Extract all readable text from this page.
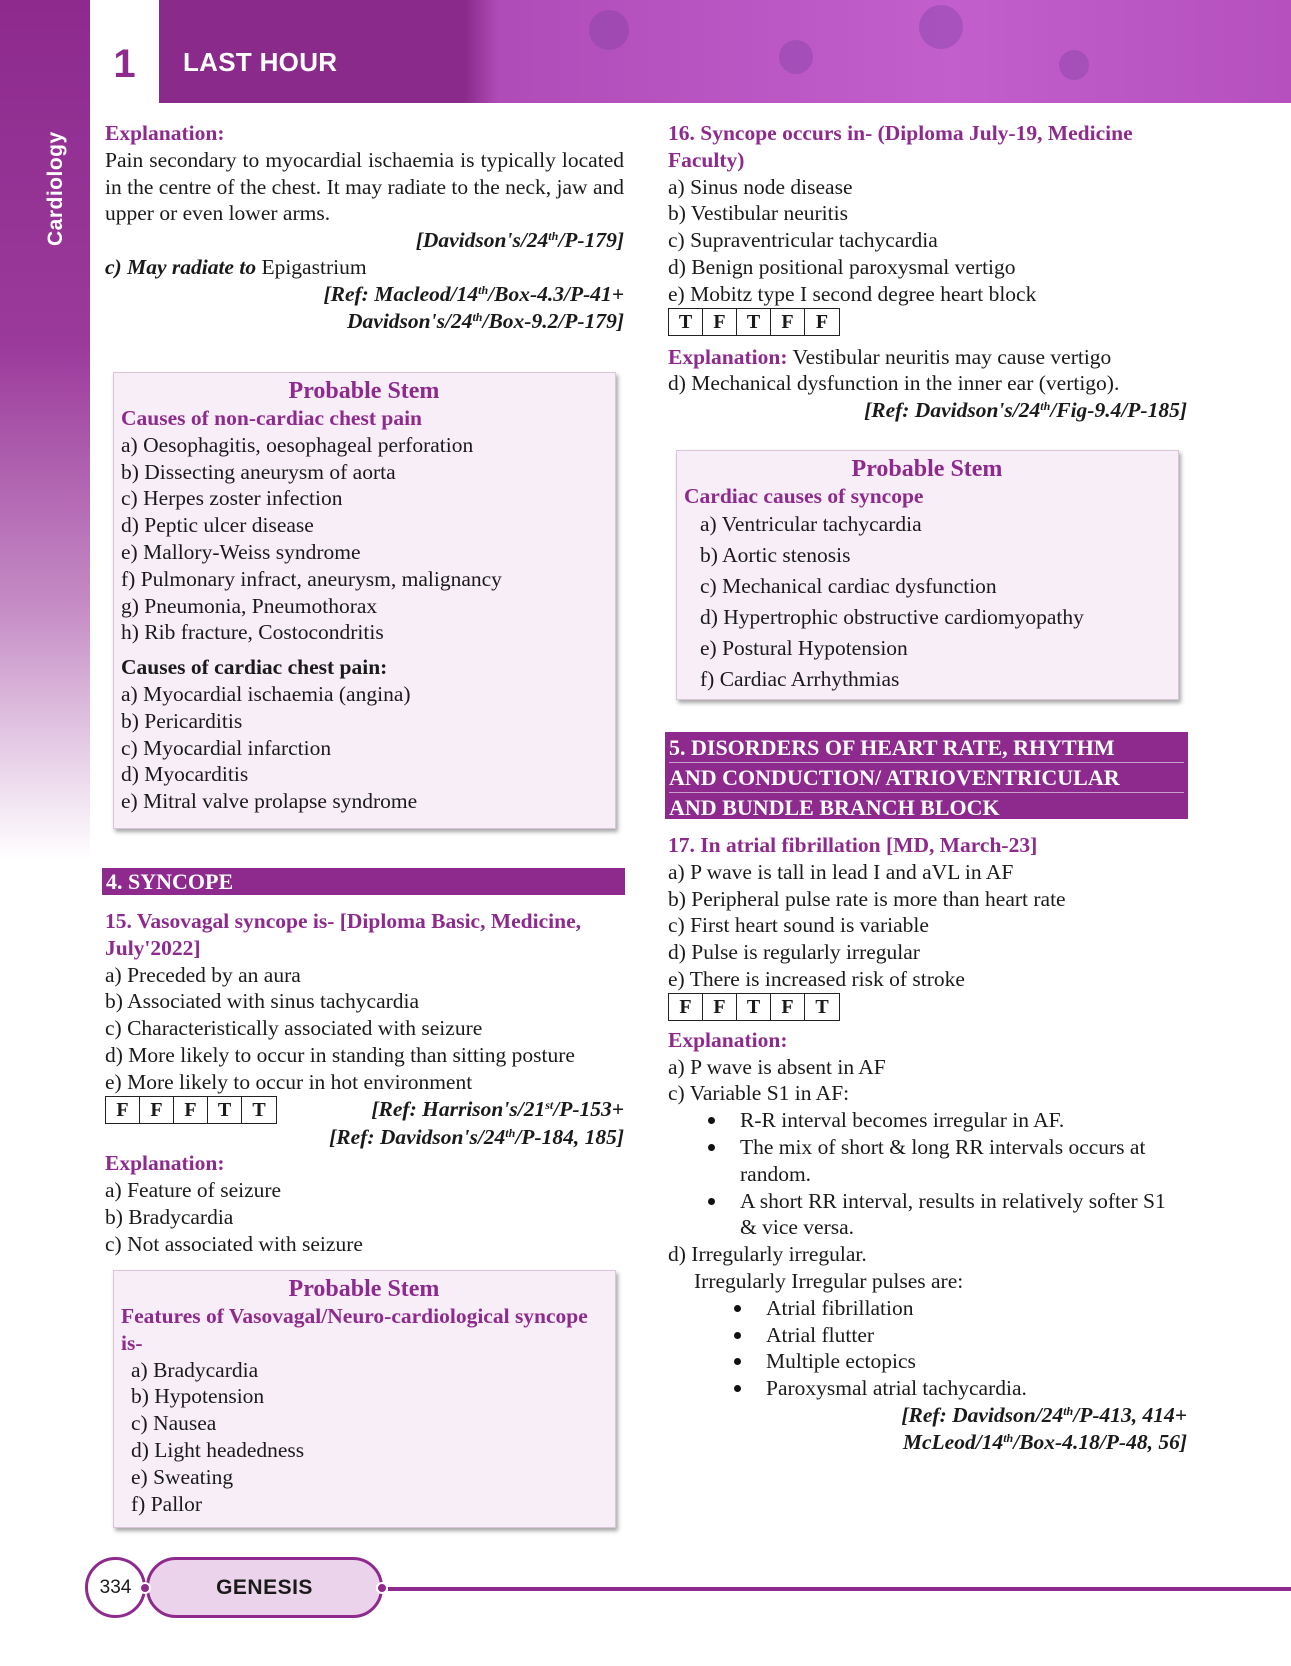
LAST HOUR
1
Explanation:
Pain secondary to myocardial ischaemia is typically located in the centre of the chest. It may radiate to the neck, jaw and upper or even lower arms.
[Davidson's/24th/P-179]
c) May radiate to Epigastrium
[Ref: Macleod/14th/Box-4.3/P-41+
Davidson's/24th/Box-9.2/P-179]
Probable Stem
Causes of non-cardiac chest pain
a) Oesophagitis, oesophageal perforation
b) Dissecting aneurysm of aorta
c) Herpes zoster infection
d) Peptic ulcer disease
e) Mallory-Weiss syndrome
f) Pulmonary infract, aneurysm, malignancy
g) Pneumonia, Pneumothorax
h) Rib fracture, Costocondritis
Causes of cardiac chest pain:
a) Myocardial ischaemia (angina)
b) Pericarditis
c) Myocardial infarction
d) Myocarditis
e) Mitral valve prolapse syndrome
4. SYNCOPE
15. Vasovagal syncope is- [Diploma Basic, Medicine, July'2022]
a) Preceded by an aura
b) Associated with sinus tachycardia
c) Characteristically associated with seizure
d) More likely to occur in standing than sitting posture
e) More likely to occur in hot environment
F	F	F	T	T	[Ref: Harrison's/21st/P-153+
[Ref: Davidson's/24th/P-184, 185]
Explanation:
a) Feature of seizure
b) Bradycardia
c) Not associated with seizure
Probable Stem
Features of Vasovagal/Neuro-cardiological syncope is-
a) Bradycardia
b) Hypotension
c) Nausea
d) Light headedness
e) Sweating
f) Pallor
16. Syncope occurs in- (Diploma July-19, Medicine Faculty)
a) Sinus node disease
b) Vestibular neuritis
c) Supraventricular tachycardia
d) Benign positional paroxysmal vertigo
e) Mobitz type I second degree heart block
T	F	T	F	F
Explanation: Vestibular neuritis may cause vertigo
d) Mechanical dysfunction in the inner ear (vertigo).
[Ref: Davidson's/24th/Fig-9.4/P-185]
Probable Stem
Cardiac causes of syncope
a) Ventricular tachycardia
b) Aortic stenosis
c) Mechanical cardiac dysfunction
d) Hypertrophic obstructive cardiomyopathy
e) Postural Hypotension
f) Cardiac Arrhythmias
5. DISORDERS OF HEART RATE, RHYTHM
AND CONDUCTION/ ATRIOVENTRICULAR
AND BUNDLE BRANCH BLOCK
17. In atrial fibrillation [MD, March-23]
a) P wave is tall in lead I and aVL in AF
b) Peripheral pulse rate is more than heart rate
c) First heart sound is variable
d) Pulse is regularly irregular
e) There is increased risk of stroke
F	F	T	F	T
Explanation:
a) P wave is absent in AF
c) Variable S1 in AF:
R-R interval becomes irregular in AF.
The mix of short & long RR intervals occurs at random.
A short RR interval, results in relatively softer S1 & vice versa.
d) Irregularly irregular.
Irregularly Irregular pulses are:
Atrial fibrillation
Atrial flutter
Multiple ectopics
Paroxysmal atrial tachycardia.
[Ref: Davidson/24th/P-413, 414+
McLeod/14th/Box-4.18/P-48, 56]
334	GENESIS
